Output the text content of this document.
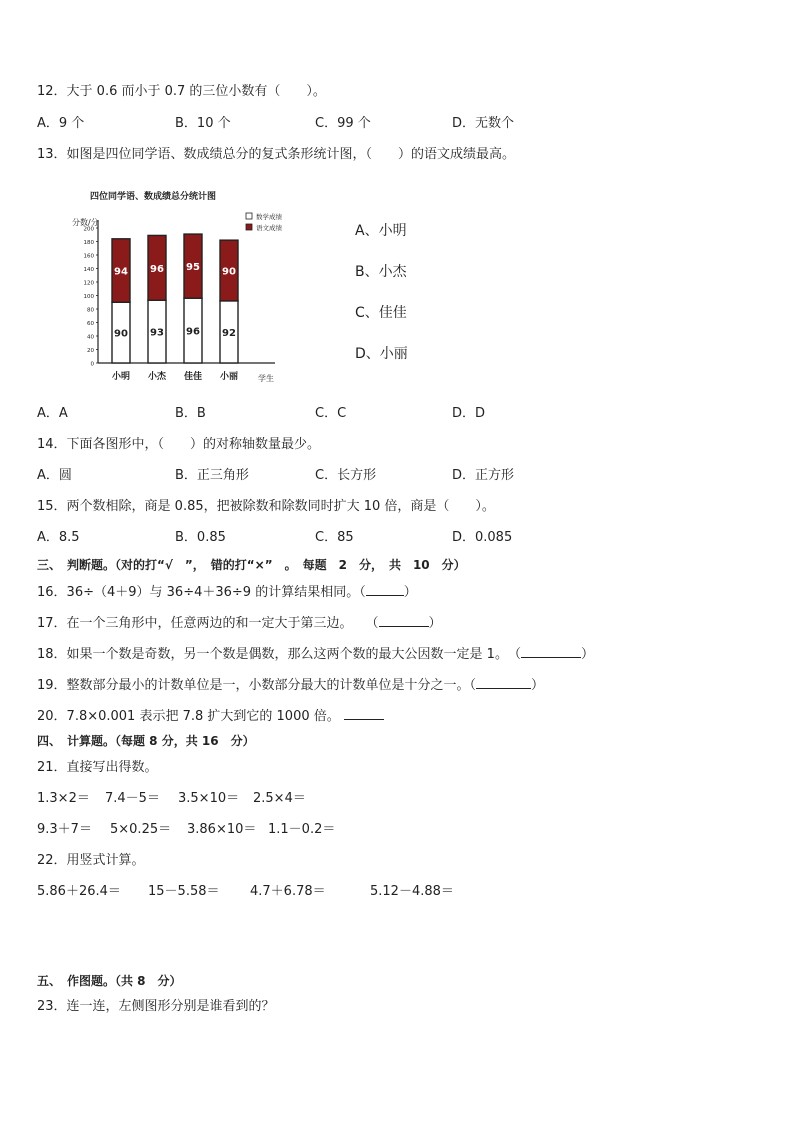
12．大于 0.6 而小于 0.7 的三位小数有（　　）。
A．9 个	B．10 个	C．99 个	D．无数个
13．如图是四位同学语、数成绩总分的复式条形统计图，（　　）的语文成绩最高。
四位同学语、数成绩总分统计图
分数/分
0
20
40
60
80
100
120
140
160
180
200
90
94
93
96
96
95
92
90
数学成绩
语文成绩
小明 小杰 佳佳 小丽 学生
A、小明
B、小杰
C、佳佳
D、小丽
A．A	B．B	C．C	D．D
14．下面各图形中，（　　）的对称轴数量最少。
A．圆	B．正三角形	C．长方形	D．正方形
15．两个数相除，商是 0.85，把被除数和除数同时扩大 10 倍，商是（　　）。
A．8.5	B．0.85	C．85	D．0.085
三、　判断题。（对的打“√　”，　错的打“×”　。　每题　2　分，　共　10　分）
16．36÷（4＋9）与 36÷4＋36÷9 的计算结果相同。（	）
17．在一个三角形中，任意两边的和一定大于第三边。　　（	）
18．如果一个数是奇数，另一个数是偶数，那么这两个数的最大公因数一定是 1。　（	）
19．整数部分最小的计数单位是一，小数部分最大的计数单位是十分之一。（	）
20．7.8×0.001 表示把 7.8 扩大到它的 1000 倍。
四、　计算题。（每题 8 分，共 16　分）
21．直接写出得数。
1.3×2＝ 7.4－5＝ 3.5×10＝ 2.5×4＝
9.3＋7＝ 5×0.25＝ 3.86×10＝ 1.1－0.2＝
22．用竖式计算。
5.86＋26.4＝ 15－5.58＝ 4.7＋6.78＝	5.12－4.88＝
五、　作图题。（共 8　分）
23．连一连，左侧图形分别是谁看到的？
